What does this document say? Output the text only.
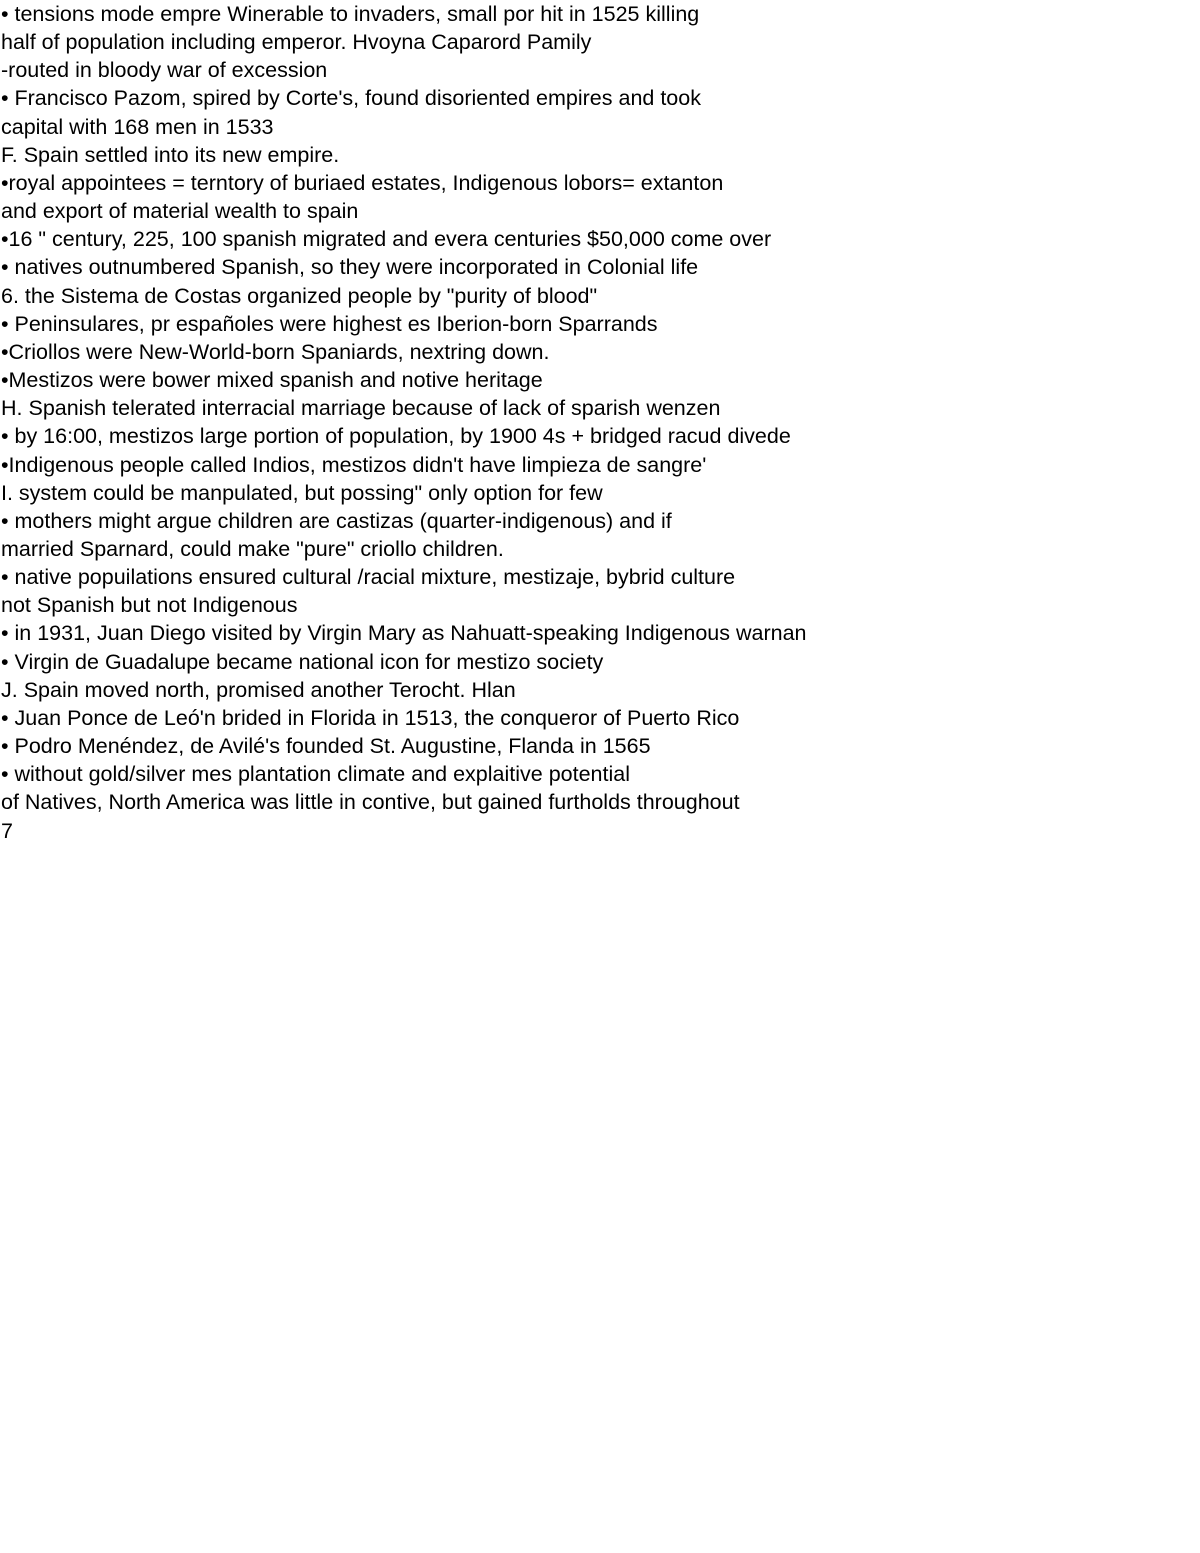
• tensions mode empre Winerable to invaders, small por hit in 1525 killing
half of population including emperor. Hvoyna Caparord Pamily
-routed in bloody war of excession
• Francisco Pazom, spired by Corte's, found disoriented empires and took
capital with 168 men in 1533
F. Spain settled into its new empire.
•royal appointees = terntory of buriaed estates, Indigenous lobors= extanton
and export of material wealth to spain
•16 " century, 225, 100 spanish migrated and evera centuries $50,000 come over
• natives outnumbered Spanish, so they were incorporated in Colonial life
6. the Sistema de Costas organized people by "purity of blood"
• Peninsulares, pr españoles were highest es Iberion-born Sparrands
•Criollos were New-World-born Spaniards, nextring down.
•Mestizos were bower mixed spanish and notive heritage
H. Spanish telerated interracial marriage because of lack of sparish wenzen
• by 16:00, mestizos large portion of population, by 1900 4s + bridged racud divede
•Indigenous people called Indios, mestizos didn't have limpieza de sangre'
I. system could be manpulated, but possing" only option for few
• mothers might argue children are castizas (quarter-indigenous) and if
married Sparnard, could make "pure" criollo children.
• native popuilations ensured cultural /racial mixture, mestizaje, bybrid culture
not Spanish but not Indigenous
• in 1931, Juan Diego visited by Virgin Mary as Nahuatt-speaking Indigenous warnan
• Virgin de Guadalupe became national icon for mestizo society
J. Spain moved north, promised another Terocht. Hlan
• Juan Ponce de Leó'n brided in Florida in 1513, the conqueror of Puerto Rico
• Podro Menéndez, de Avilé's founded St. Augustine, Flanda in 1565
• without gold/silver mes plantation climate and explaitive potential
of Natives, North America was little in contive, but gained furtholds throughout
7
